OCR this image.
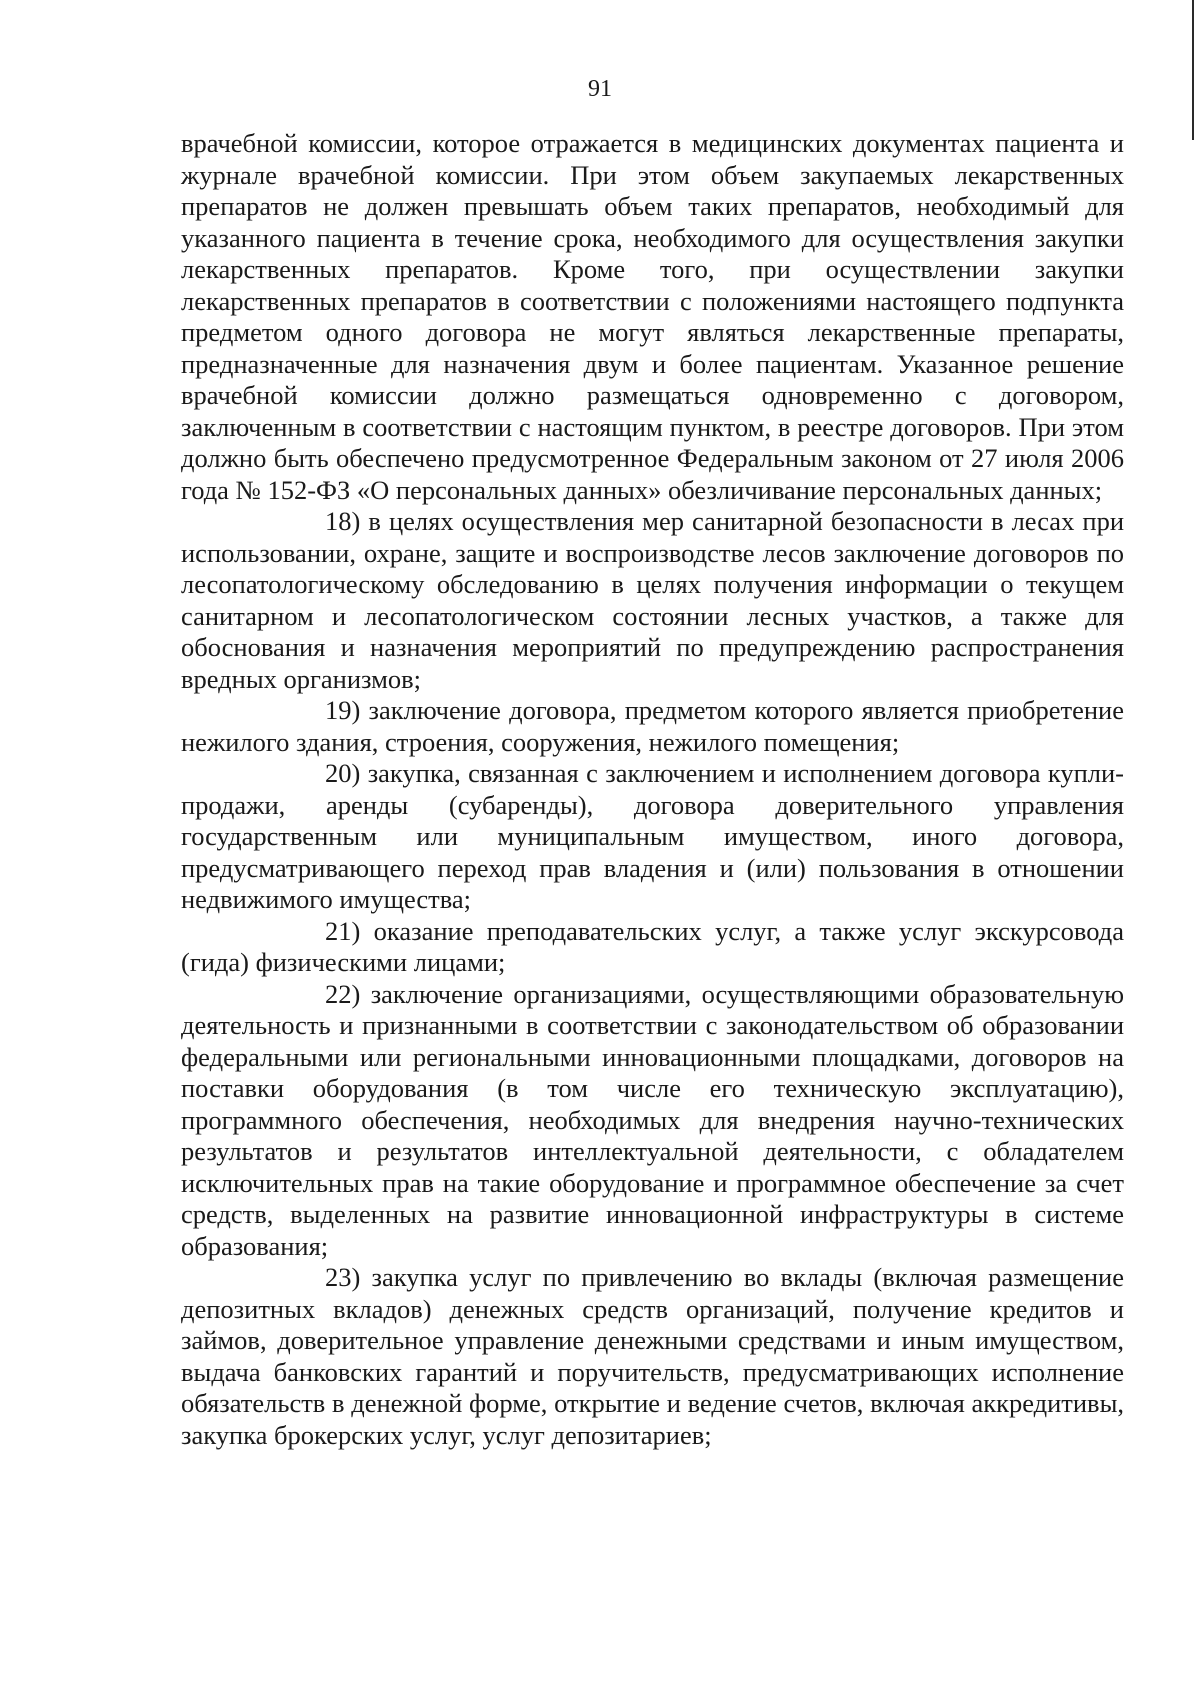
91

врачебной комиссии, которое отражается в медицинских документах пациента и журнале врачебной комиссии. При этом объем закупаемых лекарственных препаратов не должен превышать объем таких препаратов, необходимый для указанного пациента в течение срока, необходимого для осуществления закупки лекарственных препаратов. Кроме того, при осуществлении закупки лекарственных препаратов в соответствии с положениями настоящего подпункта предметом одного договора не могут являться лекарственные препараты, предназначенные для назначения двум и более пациентам. Указанное решение врачебной комиссии должно размещаться одновременно с договором, заключенным в соответствии с настоящим пунктом, в реестре договоров. При этом должно быть обеспечено предусмотренное Федеральным законом от 27 июля 2006 года № 152-ФЗ «О персональных данных» обезличивание персональных данных;

18) в целях осуществления мер санитарной безопасности в лесах при использовании, охране, защите и воспроизводстве лесов заключение договоров по лесопатологическому обследованию в целях получения информации о текущем санитарном и лесопатологическом состоянии лесных участков, а также для обоснования и назначения мероприятий по предупреждению распространения вредных организмов;

19) заключение договора, предметом которого является приобретение нежилого здания, строения, сооружения, нежилого помещения;

20) закупка, связанная с заключением и исполнением договора купли- продажи, аренды (субаренды), договора доверительного управления государственным или муниципальным имуществом, иного договора, предусматривающего переход прав владения и (или) пользования в отношении недвижимого имущества;

21) оказание преподавательских услуг, а также услуг экскурсовода (гида) физическими лицами;

22) заключение организациями, осуществляющими образовательную деятельность и признанными в соответствии с законодательством об образовании федеральными или региональными инновационными площадками, договоров на поставки оборудования (в том числе его техническую эксплуатацию), программного обеспечения, необходимых для внедрения научно-технических результатов и результатов интеллектуальной деятельности, с обладателем исключительных прав на такие оборудование и программное обеспечение за счет средств, выделенных на развитие инновационной инфраструктуры в системе образования;

23) закупка услуг по привлечению во вклады (включая размещение депозитных вкладов) денежных средств организаций, получение кредитов и займов, доверительное управление денежными средствами и иным имуществом, выдача банковских гарантий и поручительств, предусматривающих исполнение обязательств в денежной форме, открытие и ведение счетов, включая аккредитивы, закупка брокерских услуг, услуг депозитариев;
